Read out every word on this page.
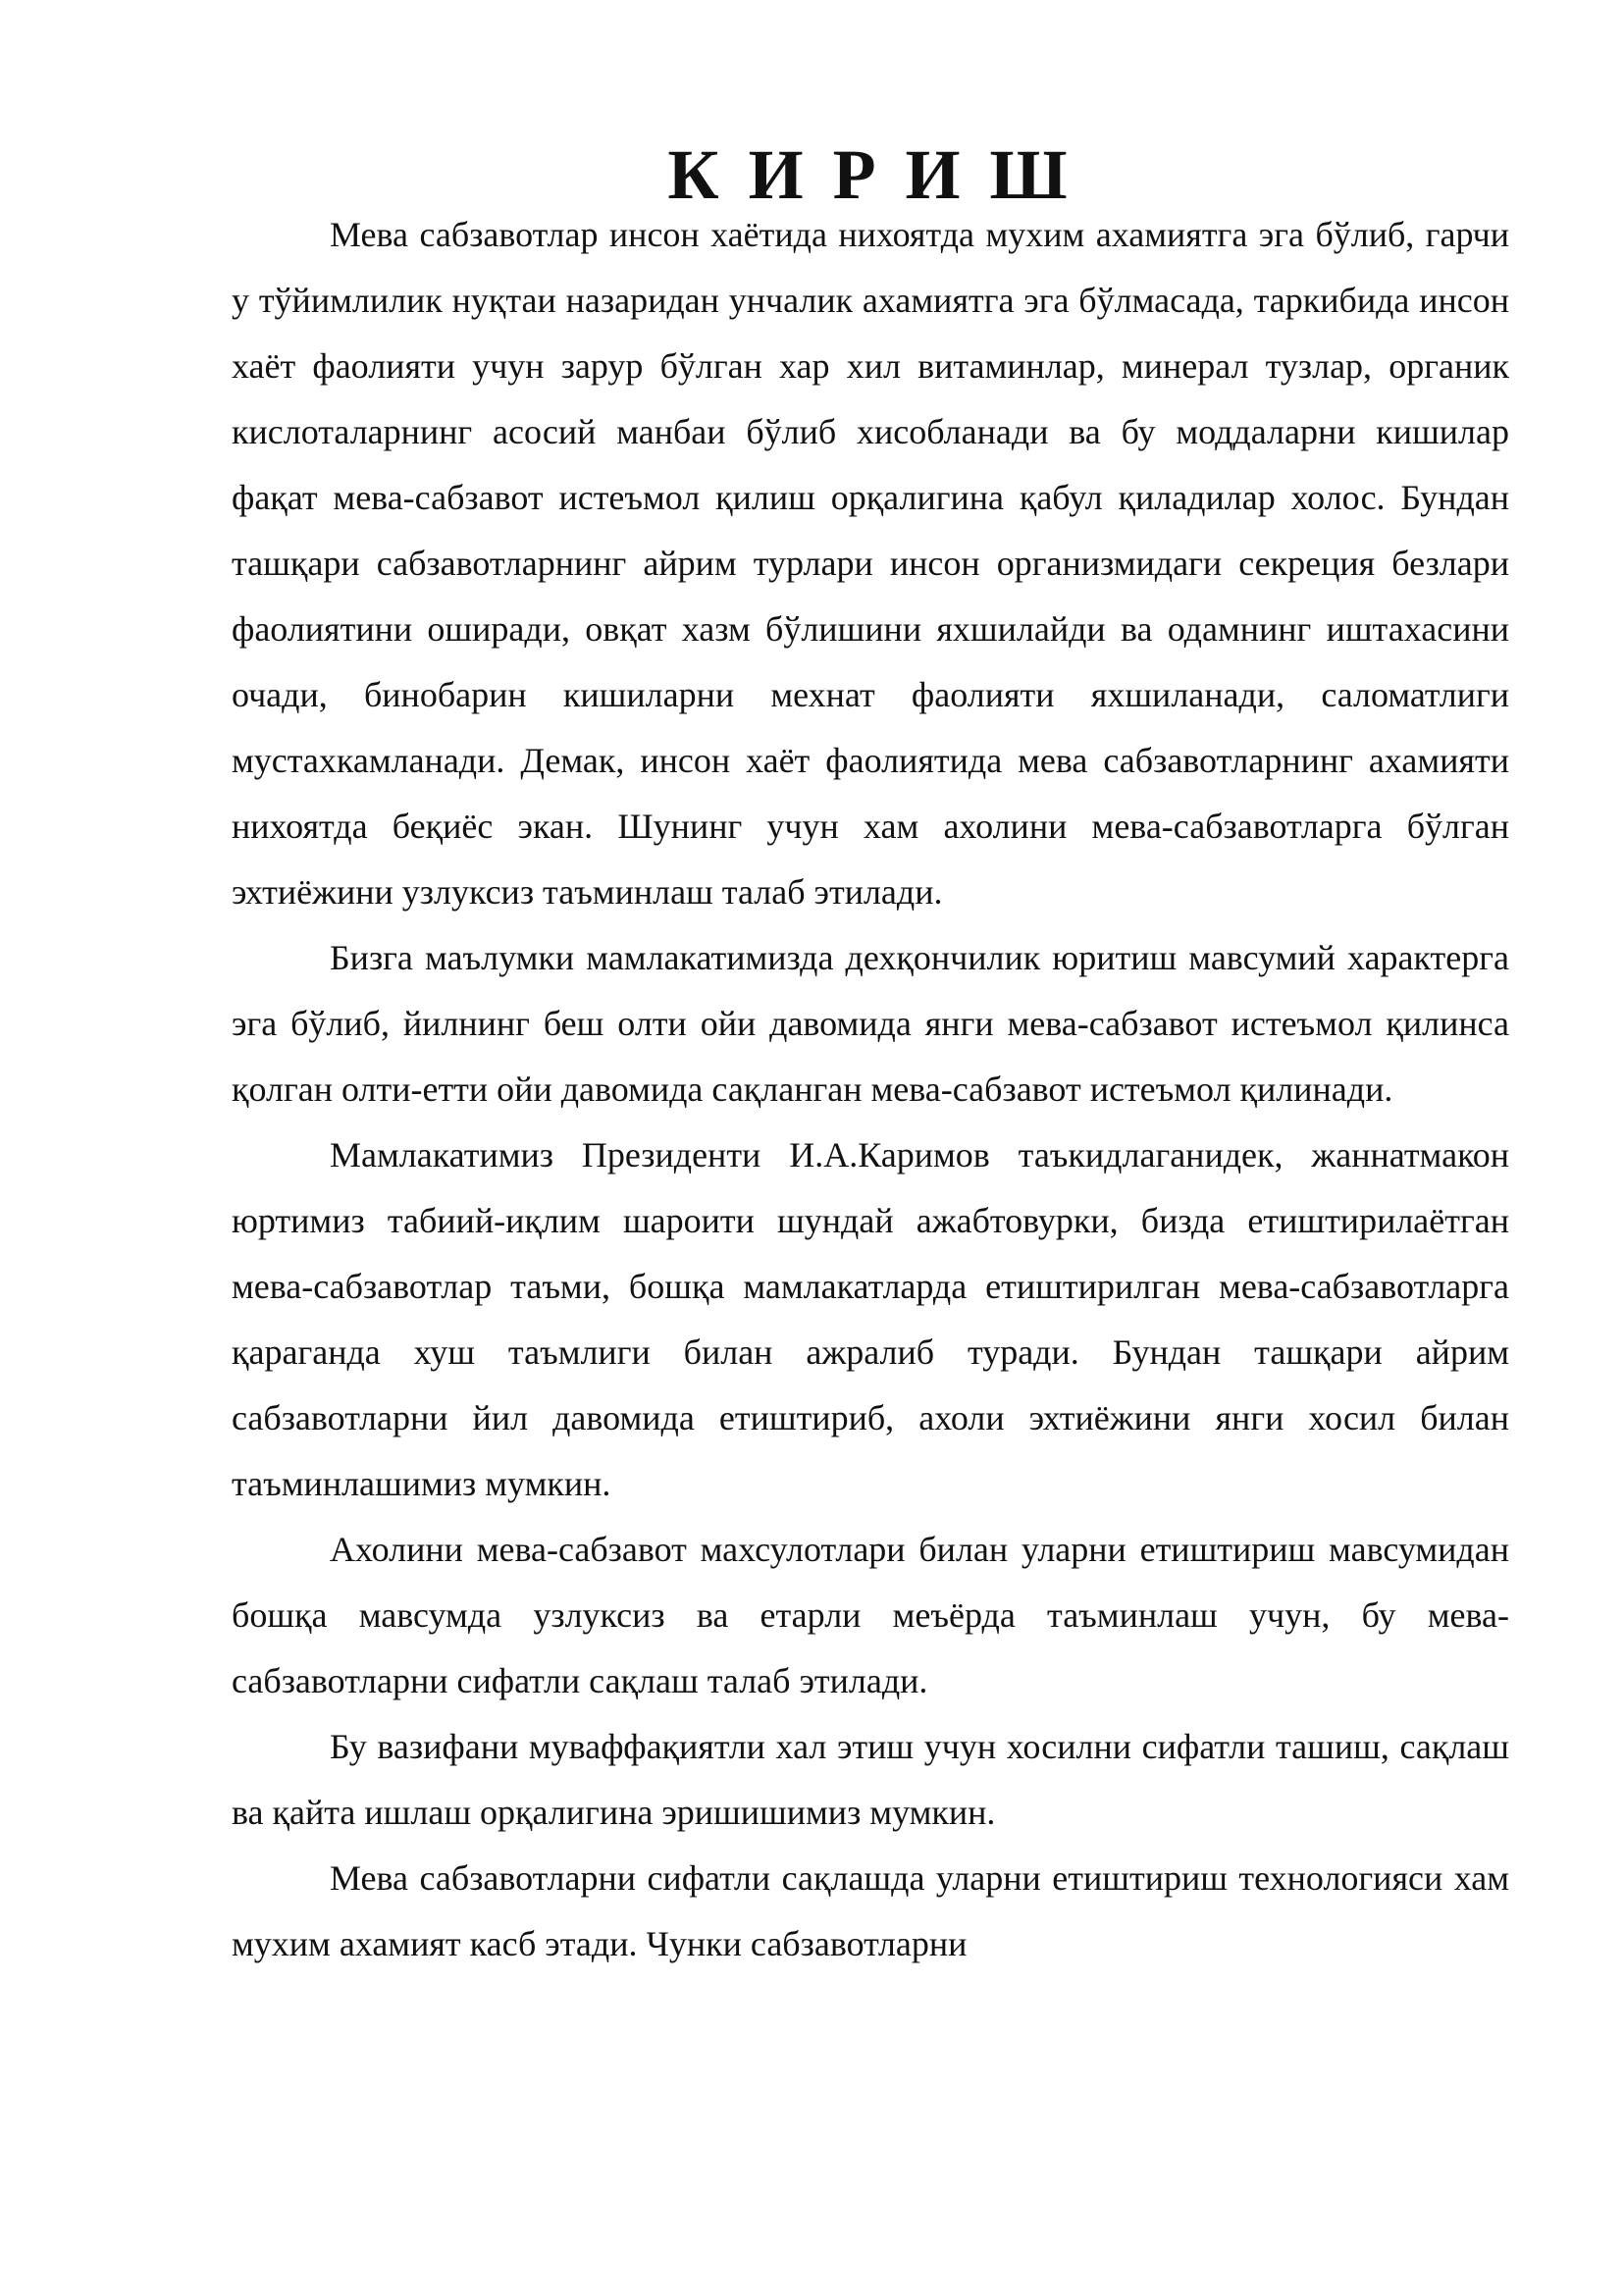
К И Р И Ш

Мева сабзавотлар инсон хаётида нихоятда мухим ахамиятга эга бўлиб, гарчи у тўйимлилик нуқтаи назаридан унчалик ахамиятга эга бўлмасада, таркибида инсон хаёт фаолияти учун зарур бўлган хар хил витаминлар, минерал тузлар, органик кислоталарнинг асосий манбаи бўлиб хисобланади ва бу моддаларни кишилар фақат мева-сабзавот истеъмол қилиш орқалигина қабул қиладилар холос. Бундан ташқари сабзавотларнинг айрим турлари инсон организмидаги секреция безлари фаолиятини оширади, овқат хазм бўлишини яхшилайди ва одамнинг иштахасини очади, бинобарин кишиларни мехнат фаолияти яхшиланади, саломатлиги мустахкамланади. Демак, инсон хаёт фаолиятида мева сабзавотларнинг ахамияти нихоятда беқиёс экан. Шунинг учун хам ахолини мева-сабзавотларга бўлган эхтиёжини узлуксиз таъминлаш талаб этилади.

Бизга маълумки мамлакатимизда дехқончилик юритиш мавсумий характерга эга бўлиб, йилнинг беш олти ойи давомида янги мева-сабзавот истеъмол қилинса қолган олти-етти ойи давомида сақланган мева-сабзавот истеъмол қилинади.

Мамлакатимиз Президенти И.А.Каримов таъкидлаганидек, жаннатмакон юртимиз табиий-иқлим шароити шундай ажабтовурки, бизда етиштирилаётган мева-сабзавотлар таъми, бошқа мамлакатларда етиштирилган мева-сабзавотларга қараганда хуш таъмлиги билан ажралиб туради. Бундан ташқари айрим сабзавотларни йил давомида етиштириб, ахоли эхтиёжини янги хосил билан таъминлашимиз мумкин.

Ахолини мева-сабзавот махсулотлари билан уларни етиштириш мавсумидан бошқа мавсумда узлуксиз ва етарли меъёрда таъминлаш учун, бу мева-сабзавотларни сифатли сақлаш талаб этилади.

Бу вазифани муваффақиятли хал этиш учун хосилни сифатли ташиш, сақлаш ва қайта ишлаш орқалигина эришишимиз мумкин.

Мева сабзавотларни сифатли сақлашда уларни етиштириш технологияси хам мухим ахамият касб этади. Чунки сабзавотларни
